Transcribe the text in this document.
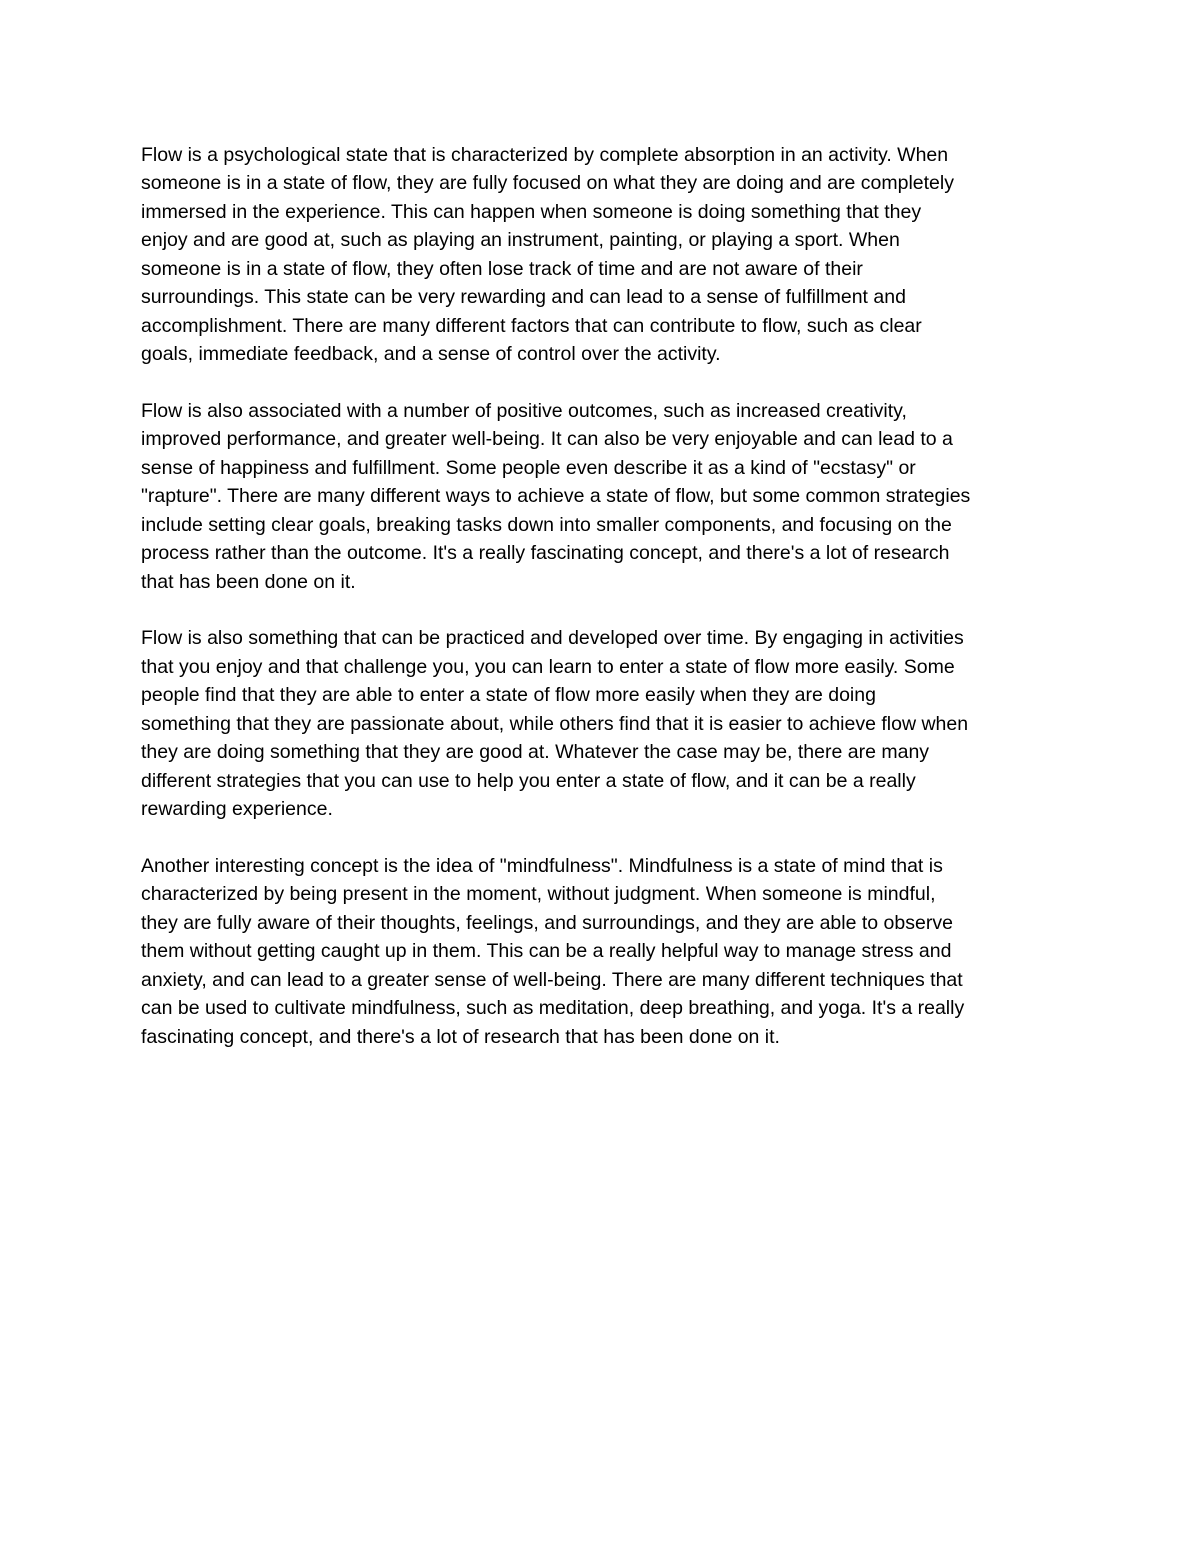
Flow is a psychological state that is characterized by complete absorption in an activity. When
someone is in a state of flow, they are fully focused on what they are doing and are completely
immersed in the experience. This can happen when someone is doing something that they
enjoy and are good at, such as playing an instrument, painting, or playing a sport. When
someone is in a state of flow, they often lose track of time and are not aware of their
surroundings. This state can be very rewarding and can lead to a sense of fulfillment and
accomplishment. There are many different factors that can contribute to flow, such as clear
goals, immediate feedback, and a sense of control over the activity.

Flow is also associated with a number of positive outcomes, such as increased creativity,
improved performance, and greater well-being. It can also be very enjoyable and can lead to a
sense of happiness and fulfillment. Some people even describe it as a kind of "ecstasy" or
"rapture". There are many different ways to achieve a state of flow, but some common strategies
include setting clear goals, breaking tasks down into smaller components, and focusing on the
process rather than the outcome. It's a really fascinating concept, and there's a lot of research
that has been done on it.

Flow is also something that can be practiced and developed over time. By engaging in activities
that you enjoy and that challenge you, you can learn to enter a state of flow more easily. Some
people find that they are able to enter a state of flow more easily when they are doing
something that they are passionate about, while others find that it is easier to achieve flow when
they are doing something that they are good at. Whatever the case may be, there are many
different strategies that you can use to help you enter a state of flow, and it can be a really
rewarding experience.

Another interesting concept is the idea of "mindfulness". Mindfulness is a state of mind that is
characterized by being present in the moment, without judgment. When someone is mindful,
they are fully aware of their thoughts, feelings, and surroundings, and they are able to observe
them without getting caught up in them. This can be a really helpful way to manage stress and
anxiety, and can lead to a greater sense of well-being. There are many different techniques that
can be used to cultivate mindfulness, such as meditation, deep breathing, and yoga. It's a really
fascinating concept, and there's a lot of research that has been done on it.
